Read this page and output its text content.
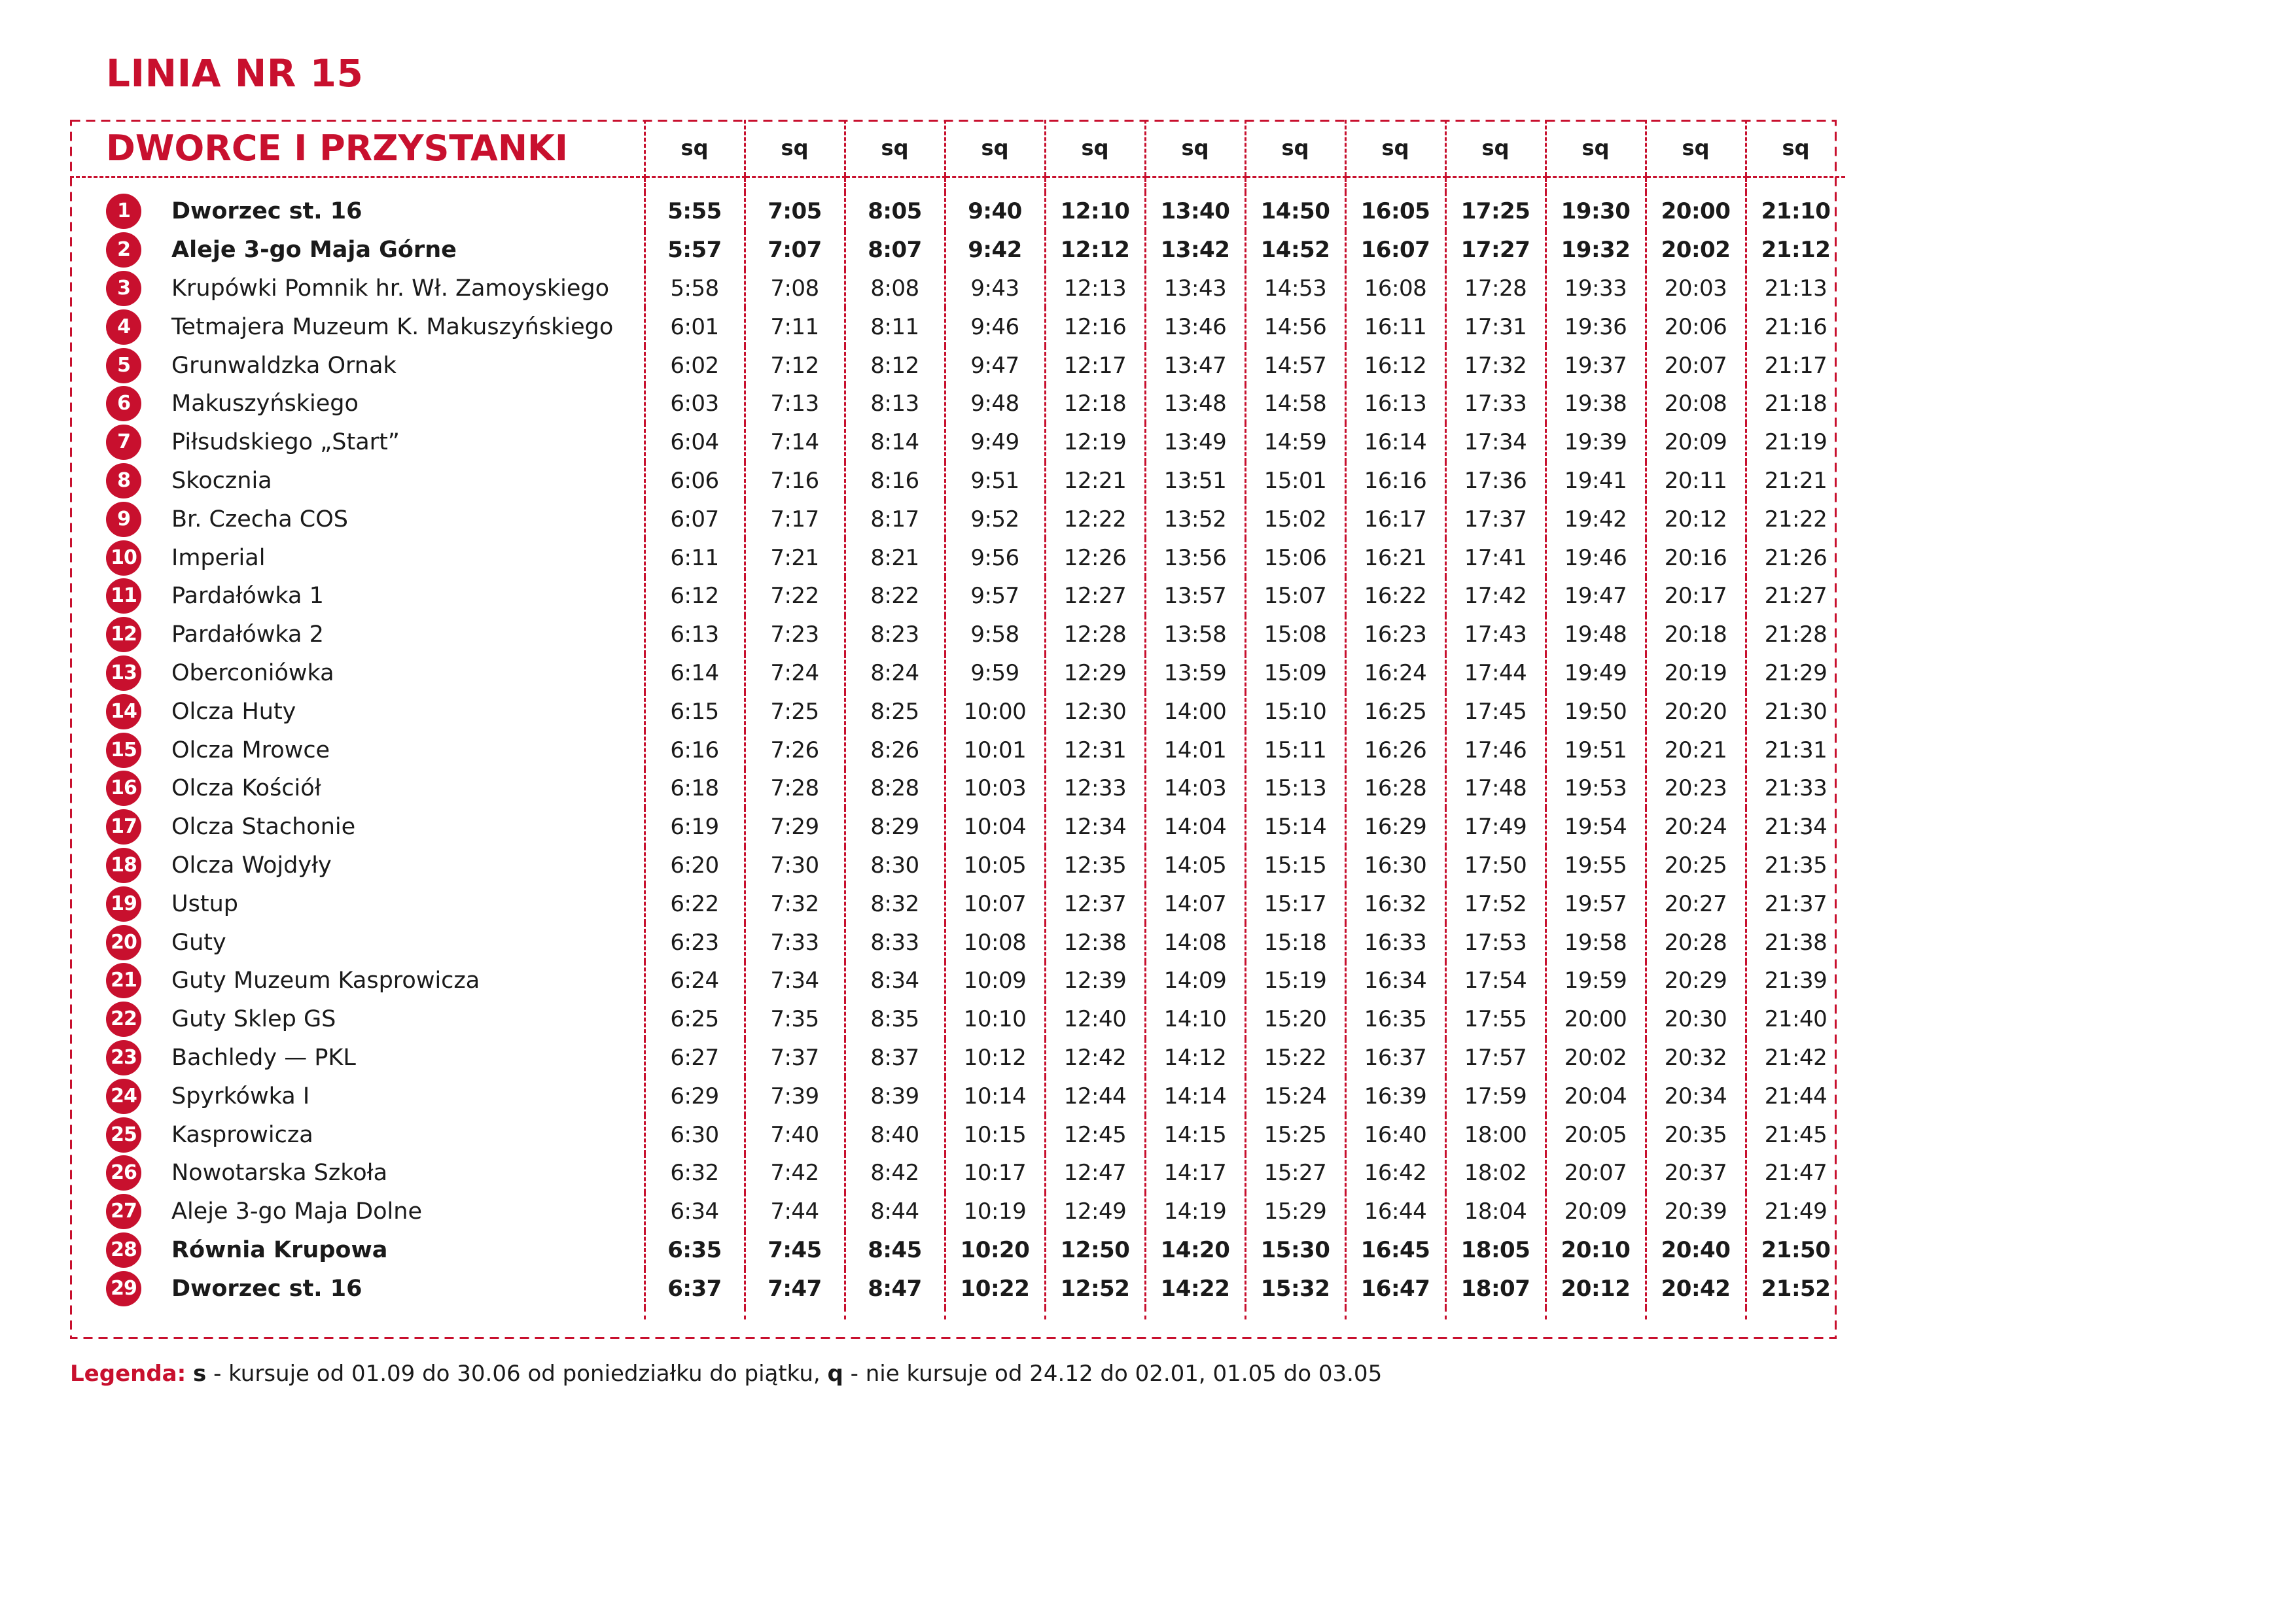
LINIA NR 15
DWORCE I PRZYSTANKI	sq	sq	sq	sq	sq	sq	sq	sq	sq	sq	sq	sq

1 Dworzec st. 16	5:55	7:05	8:05	9:40	12:10	13:40	14:50	16:05	17:25	19:30	20:00	21:10
2 Aleje 3-go Maja Górne	5:57	7:07	8:07	9:42	12:12	13:42	14:52	16:07	17:27	19:32	20:02	21:12
3 Krupówki Pomnik hr. Wł. Zamoyskiego	5:58	7:08	8:08	9:43	12:13	13:43	14:53	16:08	17:28	19:33	20:03	21:13
4 Tetmajera Muzeum K. Makuszyńskiego	6:01	7:11	8:11	9:46	12:16	13:46	14:56	16:11	17:31	19:36	20:06	21:16
5 Grunwaldzka Ornak	6:02	7:12	8:12	9:47	12:17	13:47	14:57	16:12	17:32	19:37	20:07	21:17
6 Makuszyńskiego	6:03	7:13	8:13	9:48	12:18	13:48	14:58	16:13	17:33	19:38	20:08	21:18
7 Piłsudskiego „Start”	6:04	7:14	8:14	9:49	12:19	13:49	14:59	16:14	17:34	19:39	20:09	21:19
8 Skocznia	6:06	7:16	8:16	9:51	12:21	13:51	15:01	16:16	17:36	19:41	20:11	21:21
9 Br. Czecha COS	6:07	7:17	8:17	9:52	12:22	13:52	15:02	16:17	17:37	19:42	20:12	21:22
10 Imperial	6:11	7:21	8:21	9:56	12:26	13:56	15:06	16:21	17:41	19:46	20:16	21:26
11 Pardałówka 1	6:12	7:22	8:22	9:57	12:27	13:57	15:07	16:22	17:42	19:47	20:17	21:27
12 Pardałówka 2	6:13	7:23	8:23	9:58	12:28	13:58	15:08	16:23	17:43	19:48	20:18	21:28
13 Oberconiówka	6:14	7:24	8:24	9:59	12:29	13:59	15:09	16:24	17:44	19:49	20:19	21:29
14 Olcza Huty	6:15	7:25	8:25	10:00	12:30	14:00	15:10	16:25	17:45	19:50	20:20	21:30
15 Olcza Mrowce	6:16	7:26	8:26	10:01	12:31	14:01	15:11	16:26	17:46	19:51	20:21	21:31
16 Olcza Kościół	6:18	7:28	8:28	10:03	12:33	14:03	15:13	16:28	17:48	19:53	20:23	21:33
17 Olcza Stachonie	6:19	7:29	8:29	10:04	12:34	14:04	15:14	16:29	17:49	19:54	20:24	21:34
18 Olcza Wojdyły	6:20	7:30	8:30	10:05	12:35	14:05	15:15	16:30	17:50	19:55	20:25	21:35
19 Ustup	6:22	7:32	8:32	10:07	12:37	14:07	15:17	16:32	17:52	19:57	20:27	21:37
20 Guty	6:23	7:33	8:33	10:08	12:38	14:08	15:18	16:33	17:53	19:58	20:28	21:38
21 Guty Muzeum Kasprowicza	6:24	7:34	8:34	10:09	12:39	14:09	15:19	16:34	17:54	19:59	20:29	21:39
22 Guty Sklep GS	6:25	7:35	8:35	10:10	12:40	14:10	15:20	16:35	17:55	20:00	20:30	21:40
23 Bachledy — PKL	6:27	7:37	8:37	10:12	12:42	14:12	15:22	16:37	17:57	20:02	20:32	21:42
24 Spyrkówka I	6:29	7:39	8:39	10:14	12:44	14:14	15:24	16:39	17:59	20:04	20:34	21:44
25 Kasprowicza	6:30	7:40	8:40	10:15	12:45	14:15	15:25	16:40	18:00	20:05	20:35	21:45
26 Nowotarska Szkoła	6:32	7:42	8:42	10:17	12:47	14:17	15:27	16:42	18:02	20:07	20:37	21:47
27 Aleje 3-go Maja Dolne	6:34	7:44	8:44	10:19	12:49	14:19	15:29	16:44	18:04	20:09	20:39	21:49
28 Równia Krupowa	6:35	7:45	8:45	10:20	12:50	14:20	15:30	16:45	18:05	20:10	20:40	21:50
29 Dworzec st. 16	6:37	7:47	8:47	10:22	12:52	14:22	15:32	16:47	18:07	20:12	20:42	21:52

Legenda: s - kursuje od 01.09 do 30.06 od poniedziałku do piątku, q - nie kursuje od 24.12 do 02.01, 01.05 do 03.05
